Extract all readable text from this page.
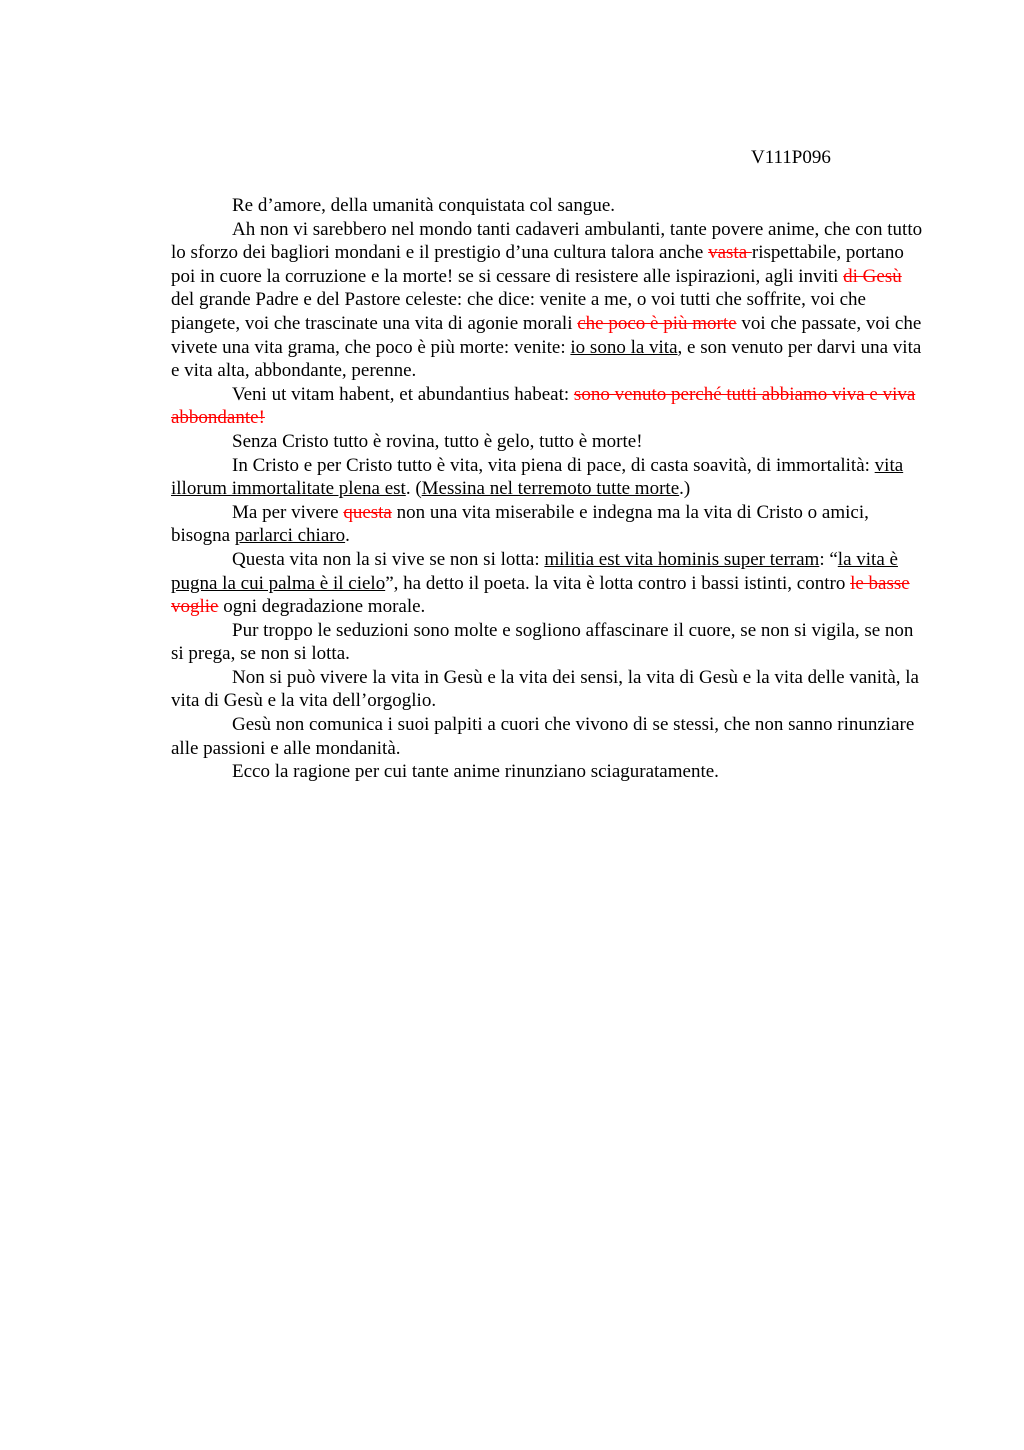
V111P096

Re d’amore, della umanità conquistata col sangue.

Ah non vi sarebbero nel mondo tanti cadaveri ambulanti, tante povere anime, che con tutto lo sforzo dei bagliori mondani e il prestigio d’una cultura talora anche vasta rispettabile, portano poi in cuore la corruzione e la morte! se si cessare di resistere alle ispirazioni, agli inviti di Gesù del grande Padre e del Pastore celeste: che dice: venite a me, o voi tutti che soffrite, voi che piangete, voi che trascinate una vita di agonie morali che poco è più morte voi che passate, voi che vivete una vita grama, che poco è più morte: venite: io sono la vita, e son venuto per darvi una vita e vita alta, abbondante, perenne.

Veni ut vitam habent, et abundantius habeat: sono venuto perché tutti abbiamo viva e viva abbondante!

Senza Cristo tutto è rovina, tutto è gelo, tutto è morte!

In Cristo e per Cristo tutto è vita, vita piena di pace, di casta soavità, di immortalità: vita illorum immortalitate plena est. (Messina nel terremoto tutte morte.)

Ma per vivere questa non una vita miserabile e indegna ma la vita di Cristo o amici, bisogna parlarci chiaro.

Questa vita non la si vive se non si lotta: militia est vita hominis super terram: “la vita è pugna la cui palma è il cielo”, ha detto il poeta. la vita è lotta contro i bassi istinti, contro le basse voglie ogni degradazione morale.

Pur troppo le seduzioni sono molte e sogliono affascinare il cuore, se non si vigila, se non si prega, se non si lotta.

Non si può vivere la vita in Gesù e la vita dei sensi, la vita di Gesù e la vita delle vanità, la vita di Gesù e la vita dell’orgoglio.

Gesù non comunica i suoi palpiti a cuori che vivono di se stessi, che non sanno rinunziare alle passioni e alle mondanità.

Ecco la ragione per cui tante anime rinunziano sciaguratamente.
